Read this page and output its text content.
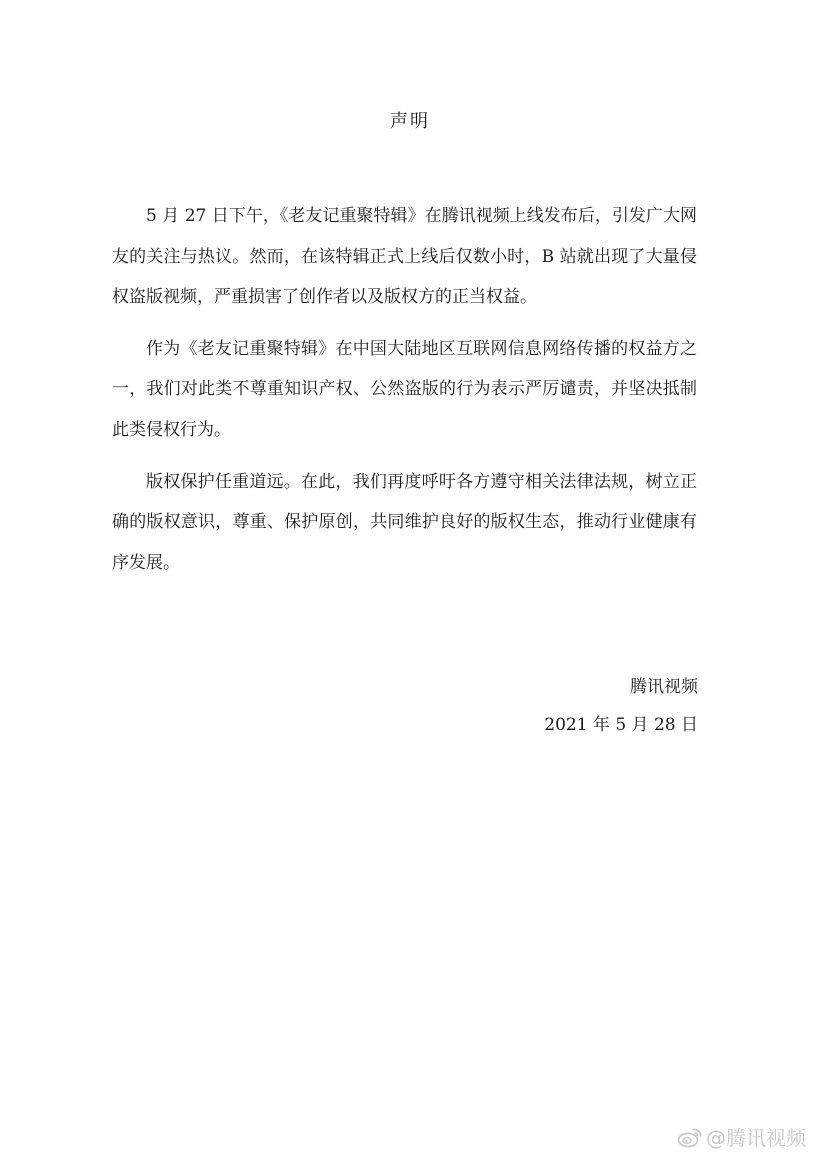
声明

5 月 27 日下午，《老友记重聚特辑》在腾讯视频上线发布后，引发广大网友的关注与热议。然而，在该特辑正式上线后仅数小时，B 站就出现了大量侵权盗版视频，严重损害了创作者以及版权方的正当权益。

作为《老友记重聚特辑》在中国大陆地区互联网信息网络传播的权益方之一，我们对此类不尊重知识产权、公然盗版的行为表示严厉谴责，并坚决抵制此类侵权行为。

版权保护任重道远。在此，我们再度呼吁各方遵守相关法律法规，树立正确的版权意识，尊重、保护原创，共同维护良好的版权生态，推动行业健康有序发展。

腾讯视频
2021 年 5 月 28 日
@腾讯视频
